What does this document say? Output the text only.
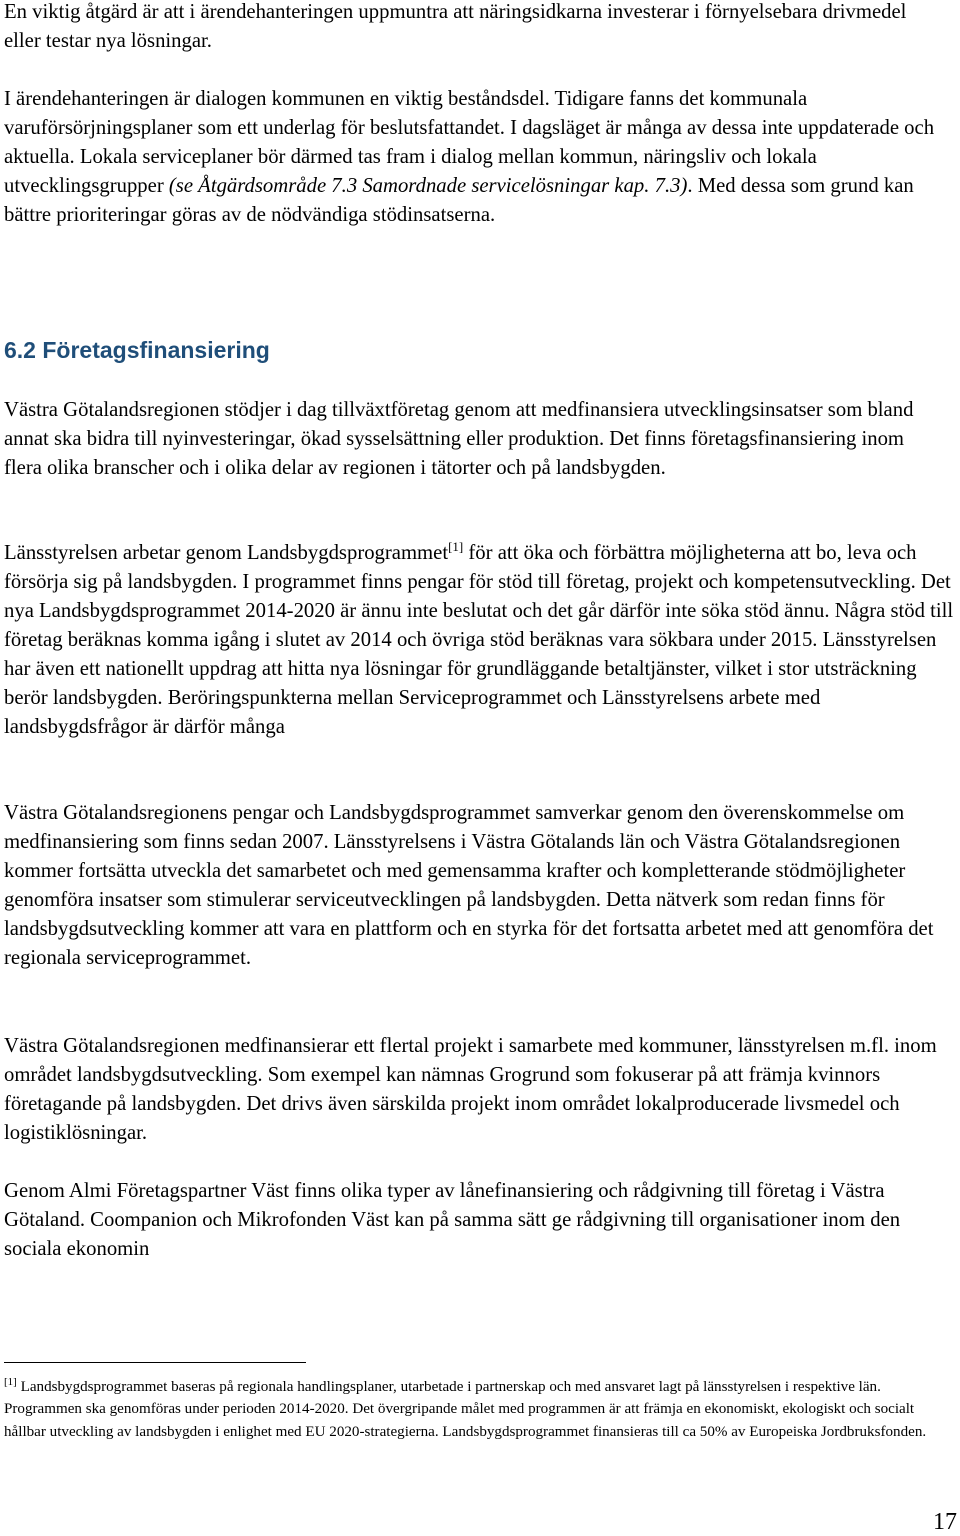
En viktig åtgärd är att i ärendehanteringen uppmuntra att näringsidkarna investerar i förnyelsebara drivmedel eller testar nya lösningar.

I ärendehanteringen är dialogen kommunen en viktig beståndsdel. Tidigare fanns det kommunala varuförsörjningsplaner som ett underlag för beslutsfattandet. I dagsläget är många av dessa inte uppdaterade och aktuella. Lokala serviceplaner bör därmed tas fram i dialog mellan kommun, näringsliv och lokala utvecklingsgrupper (se Åtgärdsområde 7.3 Samordnade servicelösningar kap. 7.3). Med dessa som grund kan bättre prioriteringar göras av de nödvändiga stödinsatserna.

6.2 Företagsfinansiering

Västra Götalandsregionen stödjer i dag tillväxtföretag genom att medfinansiera utvecklingsinsatser som bland annat ska bidra till nyinvesteringar, ökad sysselsättning eller produktion. Det finns företagsfinansiering inom flera olika branscher och i olika delar av regionen i tätorter och på landsbygden.

Länsstyrelsen arbetar genom Landsbygdsprogrammet[1] för att öka och förbättra möjligheterna att bo, leva och försörja sig på landsbygden. I programmet finns pengar för stöd till företag, projekt och kompetensutveckling. Det nya Landsbygdsprogrammet 2014-2020 är ännu inte beslutat och det går därför inte söka stöd ännu. Några stöd till företag beräknas komma igång i slutet av 2014 och övriga stöd beräknas vara sökbara under 2015. Länsstyrelsen har även ett nationellt uppdrag att hitta nya lösningar för grundläggande betaltjänster, vilket i stor utsträckning berör landsbygden. Beröringspunkterna mellan Serviceprogrammet och Länsstyrelsens arbete med landsbygdsfrågor är därför många

Västra Götalandsregionens pengar och Landsbygdsprogrammet samverkar genom den överenskommelse om medfinansiering som finns sedan 2007. Länsstyrelsens i Västra Götalands län och Västra Götalandsregionen kommer fortsätta utveckla det samarbetet och med gemensamma krafter och kompletterande stödmöjligheter genomföra insatser som stimulerar serviceutvecklingen på landsbygden. Detta nätverk som redan finns för landsbygdsutveckling kommer att vara en plattform och en styrka för det fortsatta arbetet med att genomföra det regionala serviceprogrammet.

Västra Götalandsregionen medfinansierar ett flertal projekt i samarbete med kommuner, länsstyrelsen m.fl. inom området landsbygdsutveckling. Som exempel kan nämnas Grogrund som fokuserar på att främja kvinnors företagande på landsbygden. Det drivs även särskilda projekt inom området lokalproducerade livsmedel och logistiklösningar.

Genom Almi Företagspartner Väst finns olika typer av lånefinansiering och rådgivning till företag i Västra Götaland. Coompanion och Mikrofonden Väst kan på samma sätt ge rådgivning till organisationer inom den sociala ekonomin

[1] Landsbygdsprogrammet baseras på regionala handlingsplaner, utarbetade i partnerskap och med ansvaret lagt på länsstyrelsen i respektive län. Programmen ska genomföras under perioden 2014-2020. Det övergripande målet med programmen är att främja en ekonomiskt, ekologiskt och socialt hållbar utveckling av landsbygden i enlighet med EU 2020-strategierna. Landsbygdsprogrammet finansieras till ca 50% av Europeiska Jordbruksfonden.

17
